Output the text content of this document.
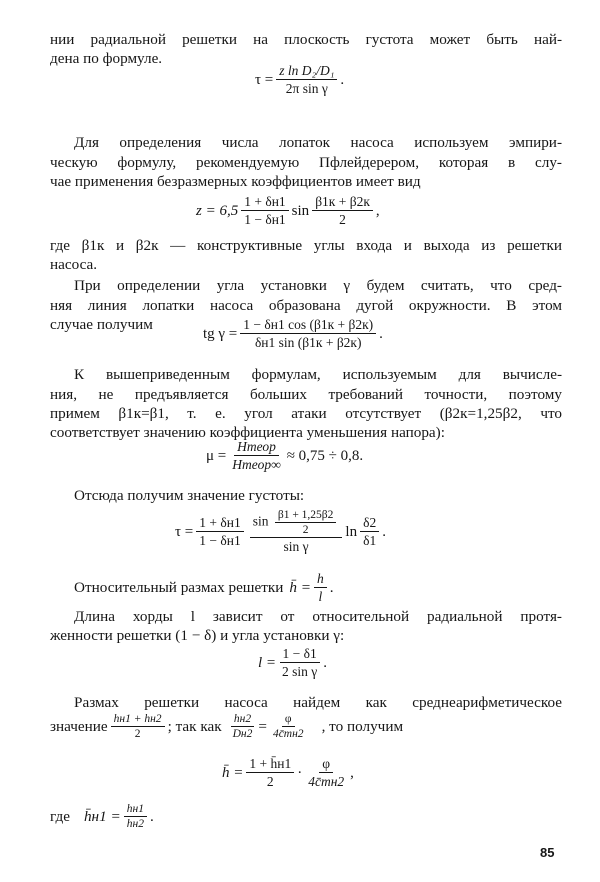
нии радиальной решетки на плоскость густота может быть най-
дена по формуле.
$\tau = \frac{\text{z ln D₂/D₁}}{\text{2π sin γ}}$ .
Для определения числа лопаток насоса используем эмпири-
ческую формулу, рекомендуемую Пфлейдерером, которая в слу-
чае применения безразмерных коэффициентов имеет вид
$z = 6,5 \frac{1 + \delta н1}{1 - \delta н1}$ $\sin \frac{\beta 1к + \beta 2к}{2}$ ,
где β1к и β2к — конструктивные углы входа и выхода из решетки
насоса.
При определении угла установки γ будем считать, что сред-
няя линия лопатки насоса образована дугой окружности. В этом
случае получим
tg $\gamma = \frac{1 - \delta н1 \cos (\beta 1к + \beta 2к)}{\delta н1 \sin (\beta 1к + \beta 2к)}$ .
К вышеприведенным формулам, используемым для вычисле-
ния, не предъявляется больших требований точности, поэтому
примем β1к=β1, т. е. угол атаки отсутствует (β2к=1,25β2, что
соответствует значению коэффициента уменьшения напора):
$\mu = \frac{\text{Hтеор}}{\text{Hтеор∞}} \approx 0,75 \div 0,8$.
Отсюда получим значение густоты:
$\tau = \frac{1 + \delta н1}{1 - \delta н1} \frac{\sin \frac{\beta 1 + 1,25\beta 2}{2}}{\text{sin γ}}$ $\ln \frac{\delta 2}{\delta 1}$ .
Относительный размах решетки h̄ = $\frac{h}{l}$ .
Длина хорды l зависит от относительной радиальной протя-
женности решетки (1 − δ) и угла установки γ:
$l = \frac{1 - \delta 1}{\text{2 sin γ}}$ .
Размах решетки насоса найдем как среднеарифметическое
значение $\frac{hн1 + hн2}{2}$ ; так как $\frac{hн2}{Dн2} = \frac{\varphi}{4c̄mн2}$ , то получим
h̄ = $\frac{1 + h̄н1}{2} \cdot \frac{\varphi}{4c̄mн2}$ ,
где h̄н1 = $\frac{hн1}{hн2}$ .
85
